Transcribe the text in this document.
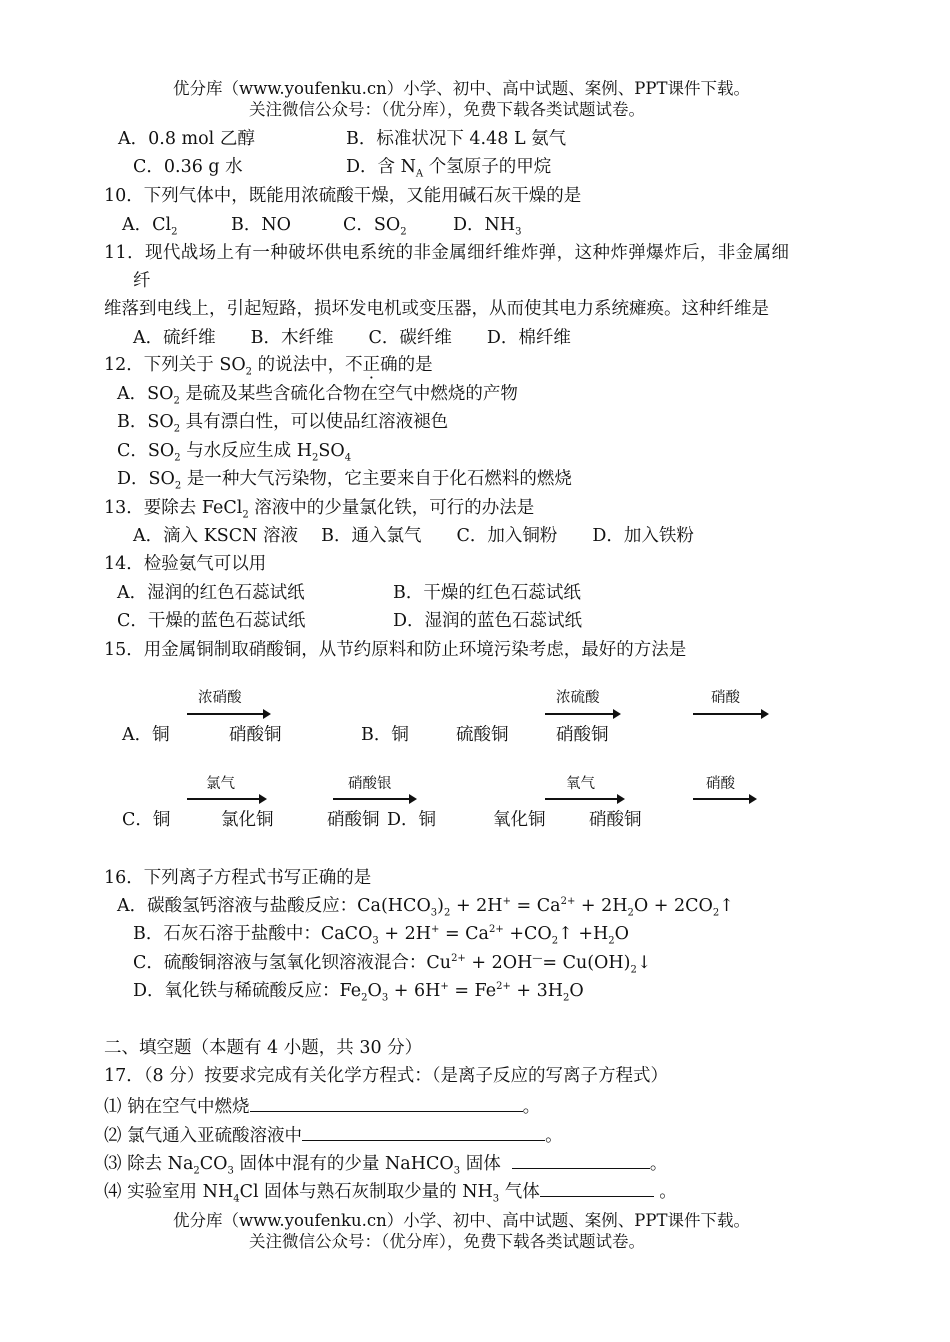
优分库（www.youfenku.cn）小学、初中、高中试题、案例、PPT课件下载。
关注微信公众号：（优分库），免费下载各类试题试卷。
A．0.8 mol 乙醇	B．标准状况下 4.48 L 氨气
C．0.36 g 水	D．含 $N_A$ 个氢原子的甲烷
10．下列气体中，既能用浓硫酸干燥，又能用碱石灰干燥的是
A．$Cl_2$	B．NO	C．$SO_2$	D．$NH_3$
11．现代战场上有一种破坏供电系统的非金属细纤维炸弹，这种炸弹爆炸后，非金属细
纤
维落到电线上，引起短路，损坏发电机或变压器，从而使其电力系统瘫痪。这种纤维是
A．硫纤维　　B．木纤维　　C．碳纤维　　D．棉纤维
12．下列关于 $SO_2$ 的说法中，不正确的是
A．$SO_2$ 是硫及某些含硫化合物在空气中燃烧的产物
B．$SO_2$ 具有漂白性，可以使品红溶液褪色
C．$SO_2$ 与水反应生成 $H_2SO_4$
D．$SO_2$ 是一种大气污染物，它主要来自于化石燃料的燃烧
13．要除去 FeCl$_2$ 溶液中的少量氯化铁，可行的办法是
A．滴入 KSCN 溶液　 B．通入氯气　　C．加入铜粉　　D．加入铁粉
14．检验氨气可以用
A．湿润的红色石蕊试纸	B．干燥的红色石蕊试纸
C．干燥的蓝色石蕊试纸	D．湿润的蓝色石蕊试纸
15．用金属铜制取硝酸铜，从节约原料和防止环境污染考虑，最好的方法是
浓硝酸
A．铜	硝酸铜	B．铜	硫酸铜
浓硫酸
硝酸铜
硝酸
氯气	硝酸银
C．铜	氯化铜	硝酸铜 D．铜	氧化铜
氧气
硝酸铜
硝酸
16．下列离子方程式书写正确的是
A．碳酸氢钙溶液与盐酸反应：$Ca(HCO_3)_2 + 2H^+ = Ca^{2+} + 2H_2O$ + $2CO_2↑$
B．石灰石溶于盐酸中：CaCO$_3$ + $2H^+ = Ca^{2+}$ $+CO_2↑ +H_2O$
C．硫酸铜溶液与氢氧化钡溶液混合：$Cu^{2+} + 2OH^—=$ $Cu(OH)_2↓$
D．氧化铁与稀硫酸反应：$Fe_2O_3 + 6H^+ = Fe^{2+} + 3H_2O$
二、填空题（本题有 4 小题，共 30 分）
17．（8 分）按要求完成有关化学方程式：（是离子反应的写离子方程式）
⑴ 钠在空气中燃烧	。
⑵ 氯气通入亚硫酸溶液中	。
⑶ 除去 $Na_2CO_3$ 固体中混有的少量 NaHCO$_3$ 固体	。
⑷ 实验室用 $NH_4Cl$ 固体与熟石灰制取少量的 $NH_3$ 气体	。
优分库（www.youfenku.cn）小学、初中、高中试题、案例、PPT课件下载。
关注微信公众号：（优分库），免费下载各类试题试卷。
